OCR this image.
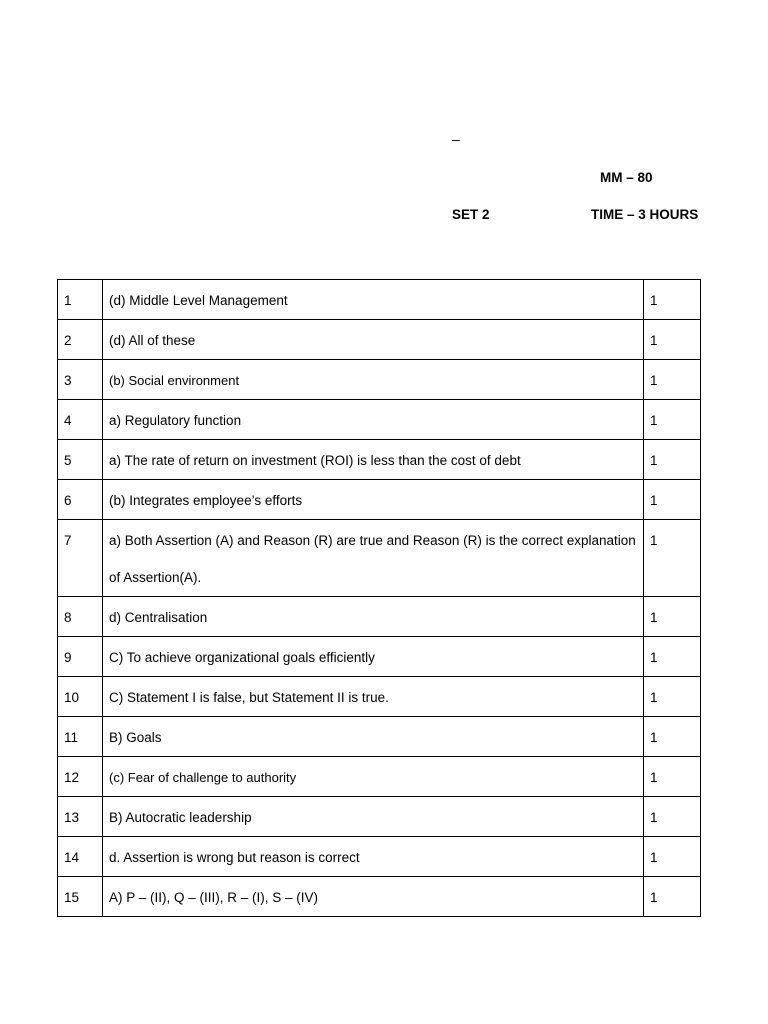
–
MM – 80
SET 2	TIME – 3 HOURS
1	(d) Middle Level Management	1
2	(d) All of these	1
3	(b) Social environment	1
4	a) Regulatory function	1
5	a) The rate of return on investment (ROI) is less than the cost of debt	1
6	(b) Integrates employee’s efforts	1
7	a) Both Assertion (A) and Reason (R) are true and Reason (R) is the correct explanation of Assertion(A).	1
8	d) Centralisation	1
9	C) To achieve organizational goals efficiently	1
10	C) Statement I is false, but Statement II is true.	1
11	B) Goals	1
12	(c) Fear of challenge to authority	1
13	B) Autocratic leadership	1
14	d. Assertion is wrong but reason is correct	1
15	A) P – (II), Q – (III), R – (I), S – (IV)	1
